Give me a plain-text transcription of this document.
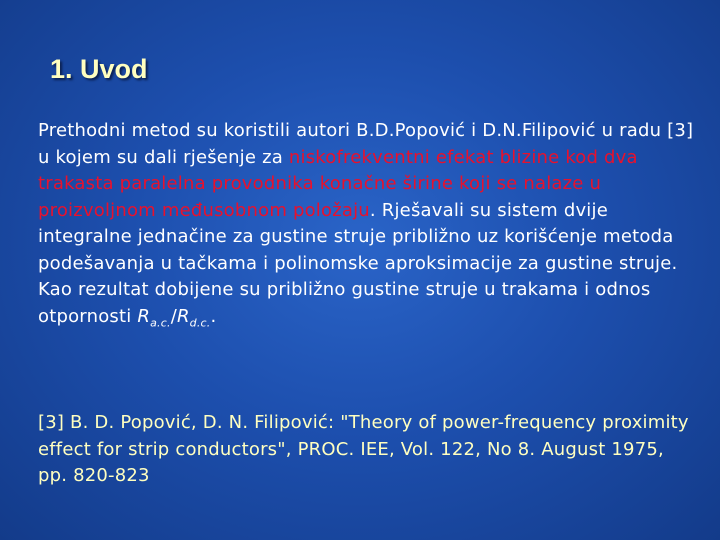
1. Uvod

Prethodni metod su koristili autori B.D.Popović i D.N.Filipović u radu [3] u kojem su dali rješenje za niskofrekventni efekat blizine kod dva trakasta paralelna provodnika konačne širine koji se nalaze u proizvoljnom međusobnom položaju. Rješavali su sistem dvije integralne jednačine za gustine struje približno uz korišćenje metoda podešavanja u tačkama i polinomske aproksimacije za gustine struje. Kao rezultat dobijene su približno gustine struje u trakama i odnos otpornosti $R_{a.c.}/R_{d.c.}$.

[3] B. D. Popović, D. N. Filipović: "Theory of power-frequency proximity effect for strip conductors", PROC. IEE, Vol. 122, No 8. August 1975, pp. 820-823
